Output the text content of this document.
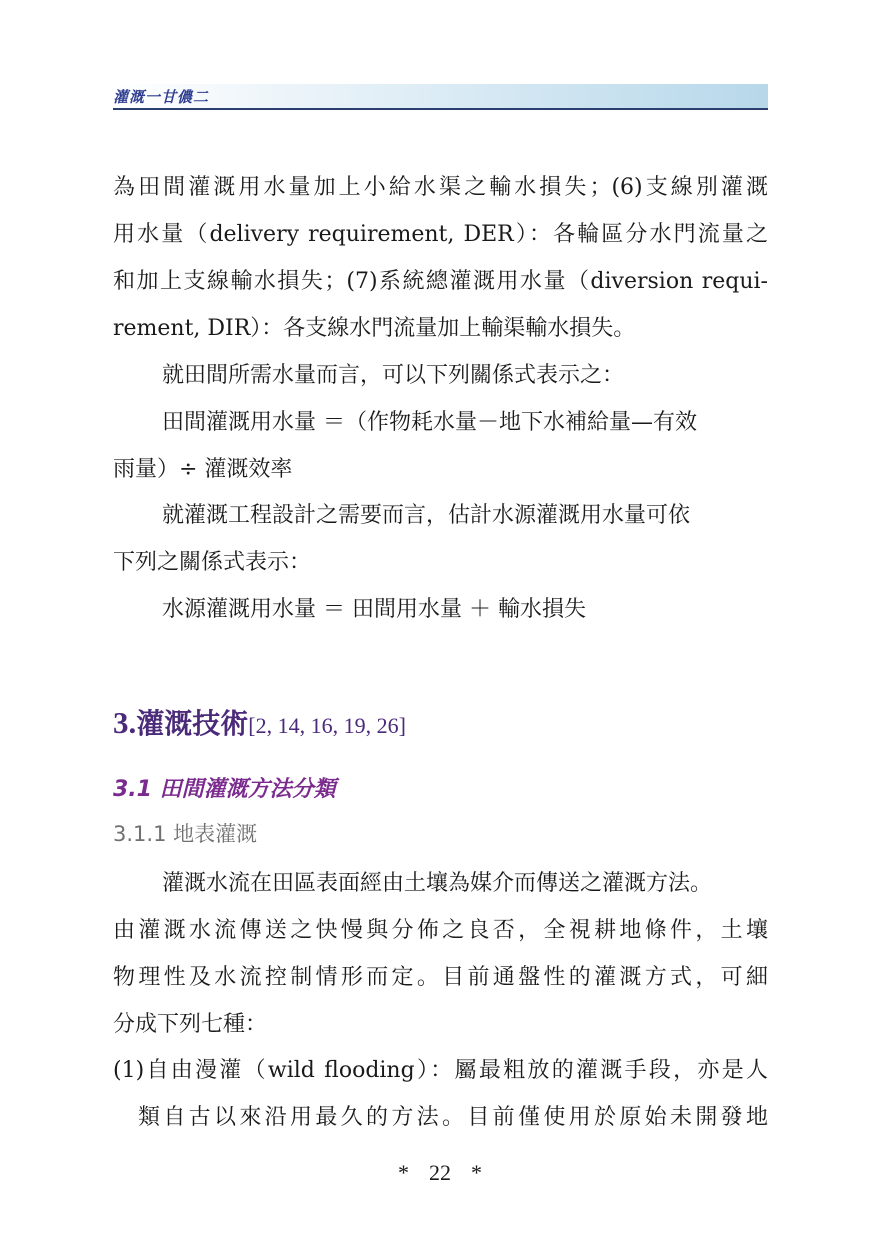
灌溉一甘儂二
為田間灌溉用水量加上小給水渠之輸水損失；(6)支線別灌溉
用水量（delivery requirement, DER）：各輪區分水門流量之
和加上支線輸水損失；(7)系統總灌溉用水量（diversion requi-
rement, DIR）：各支線水門流量加上輸渠輸水損失。
就田間所需水量而言，可以下列關係式表示之：
田間灌溉用水量 ＝（作物耗水量－地下水補給量—有效
雨量）÷ 灌溉效率
就灌溉工程設計之需要而言，估計水源灌溉用水量可依
下列之關係式表示：
水源灌溉用水量 ＝ 田間用水量 ＋ 輸水損失
3.灌溉技術[2, 14, 16, 19, 26]
3.1 田間灌溉方法分類
3.1.1 地表灌溉
灌溉水流在田區表面經由土壤為媒介而傳送之灌溉方法。
由灌溉水流傳送之快慢與分佈之良否，全視耕地條件，土壤
物理性及水流控制情形而定。目前通盤性的灌溉方式，可細
分成下列七種：
(1)自由漫灌（wild flooding）：屬最粗放的灌溉手段，亦是人
類自古以來沿用最久的方法。目前僅使用於原始未開發地
* 22 *
